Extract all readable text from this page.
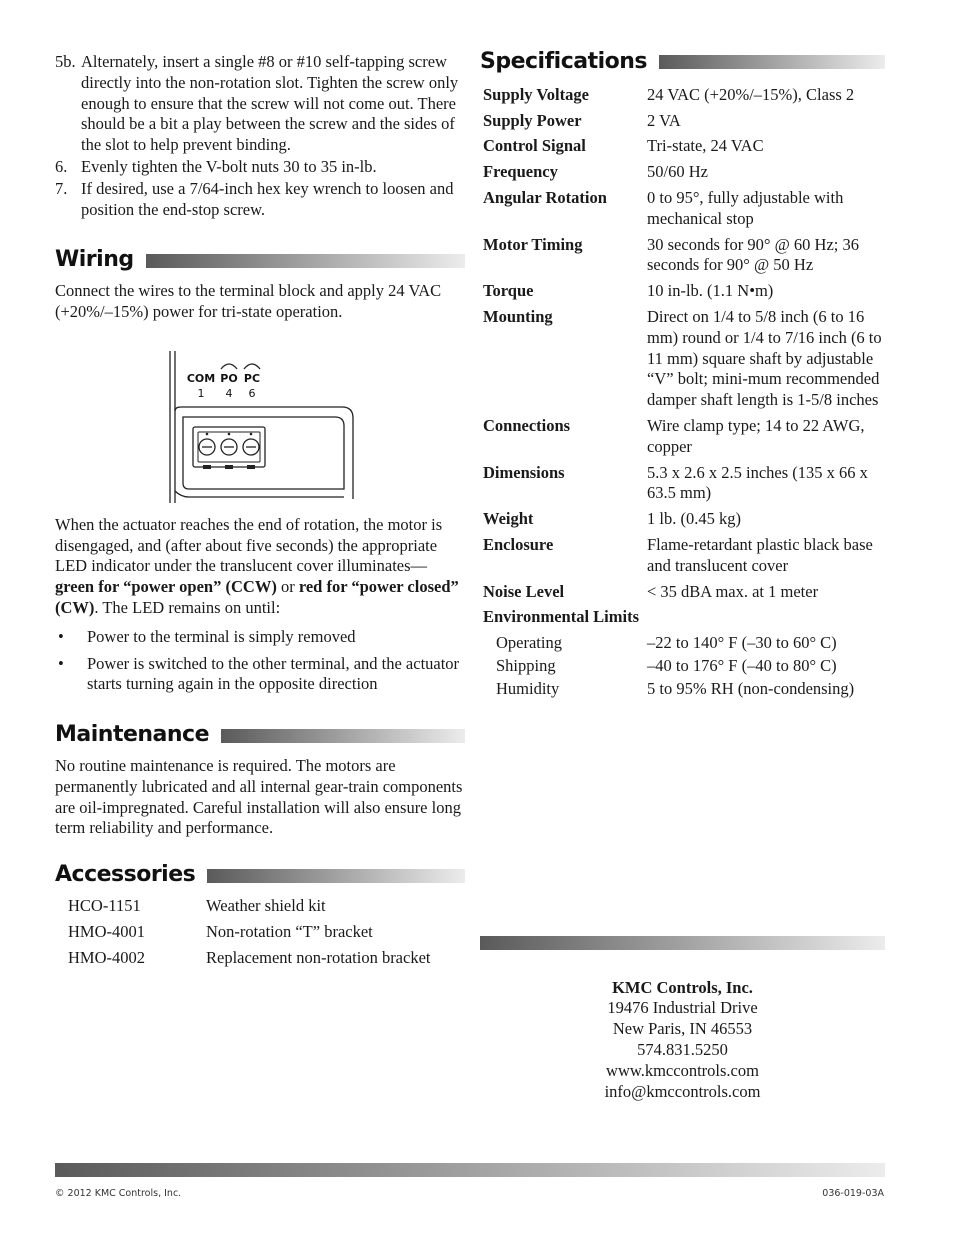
5b. Alternately, insert a single #8 or #10 self-tapping screw directly into the non-rotation slot. Tighten the screw only enough to ensure that the screw will not come out. There should be a bit a play between the screw and the sides of the slot to help prevent binding.
6. Evenly tighten the V-bolt nuts 30 to 35 in-lb.
7. If desired, use a 7/64-inch hex key wrench to loosen and position the end-stop screw.
Wiring

Connect the wires to the terminal block and apply 24 VAC (+20%/–15%) power for tri-state operation.

COM PO PC
1 4 6

When the actuator reaches the end of rotation, the motor is disengaged, and (after about five seconds) the appropriate LED indicator under the translucent cover illuminates—green for “power open” (CCW) or red for “power closed” (CW). The LED remains on until:

•	Power to the terminal is simply removed
•	Power is switched to the other terminal, and the actuator starts turning again in the opposite direction
Maintenance

No routine maintenance is required. The motors are permanently lubricated and all internal gear-train components are oil-impregnated. Careful installation will also ensure long term reliability and performance.

Accessories
HCO-1151	Weather shield kit
HMO-4001	Non-rotation “T” bracket
HMO-4002	Replacement non-rotation bracket
Specifications
Supply Voltage	24 VAC (+20%/–15%), Class 2
Supply Power	2 VA
Control Signal	Tri-state, 24 VAC
Frequency	50/60 Hz
Angular Rotation	0 to 95°, fully adjustable with mechanical stop
Motor Timing	30 seconds for 90° @ 60 Hz; 36 seconds for 90° @ 50 Hz
Torque	10 in-lb. (1.1 N•m)
Mounting	Direct on 1/4 to 5/8 inch (6 to 16 mm) round or 1/4 to 7/16 inch (6 to 11 mm) square shaft by adjustable “V” bolt; mini-mum recommended damper shaft length is 1-5/8 inches
Connections	Wire clamp type; 14 to 22 AWG, copper
Dimensions	5.3 x 2.6 x 2.5 inches (135 x 66 x 63.5 mm)
Weight	1 lb. (0.45 kg)
Enclosure	Flame-retardant plastic black base and translucent cover
Noise Level	< 35 dBA max. at 1 meter
Environmental Limits
Operating	–22 to 140° F (–30 to 60° C)
Shipping	–40 to 176° F (–40 to 80° C)
Humidity	5 to 95% RH (non-condensing)
KMC Controls, Inc.
19476 Industrial Drive
New Paris, IN 46553
574.831.5250
www.kmccontrols.com
info@kmccontrols.com
© 2012 KMC Controls, Inc.	036-019-03A
